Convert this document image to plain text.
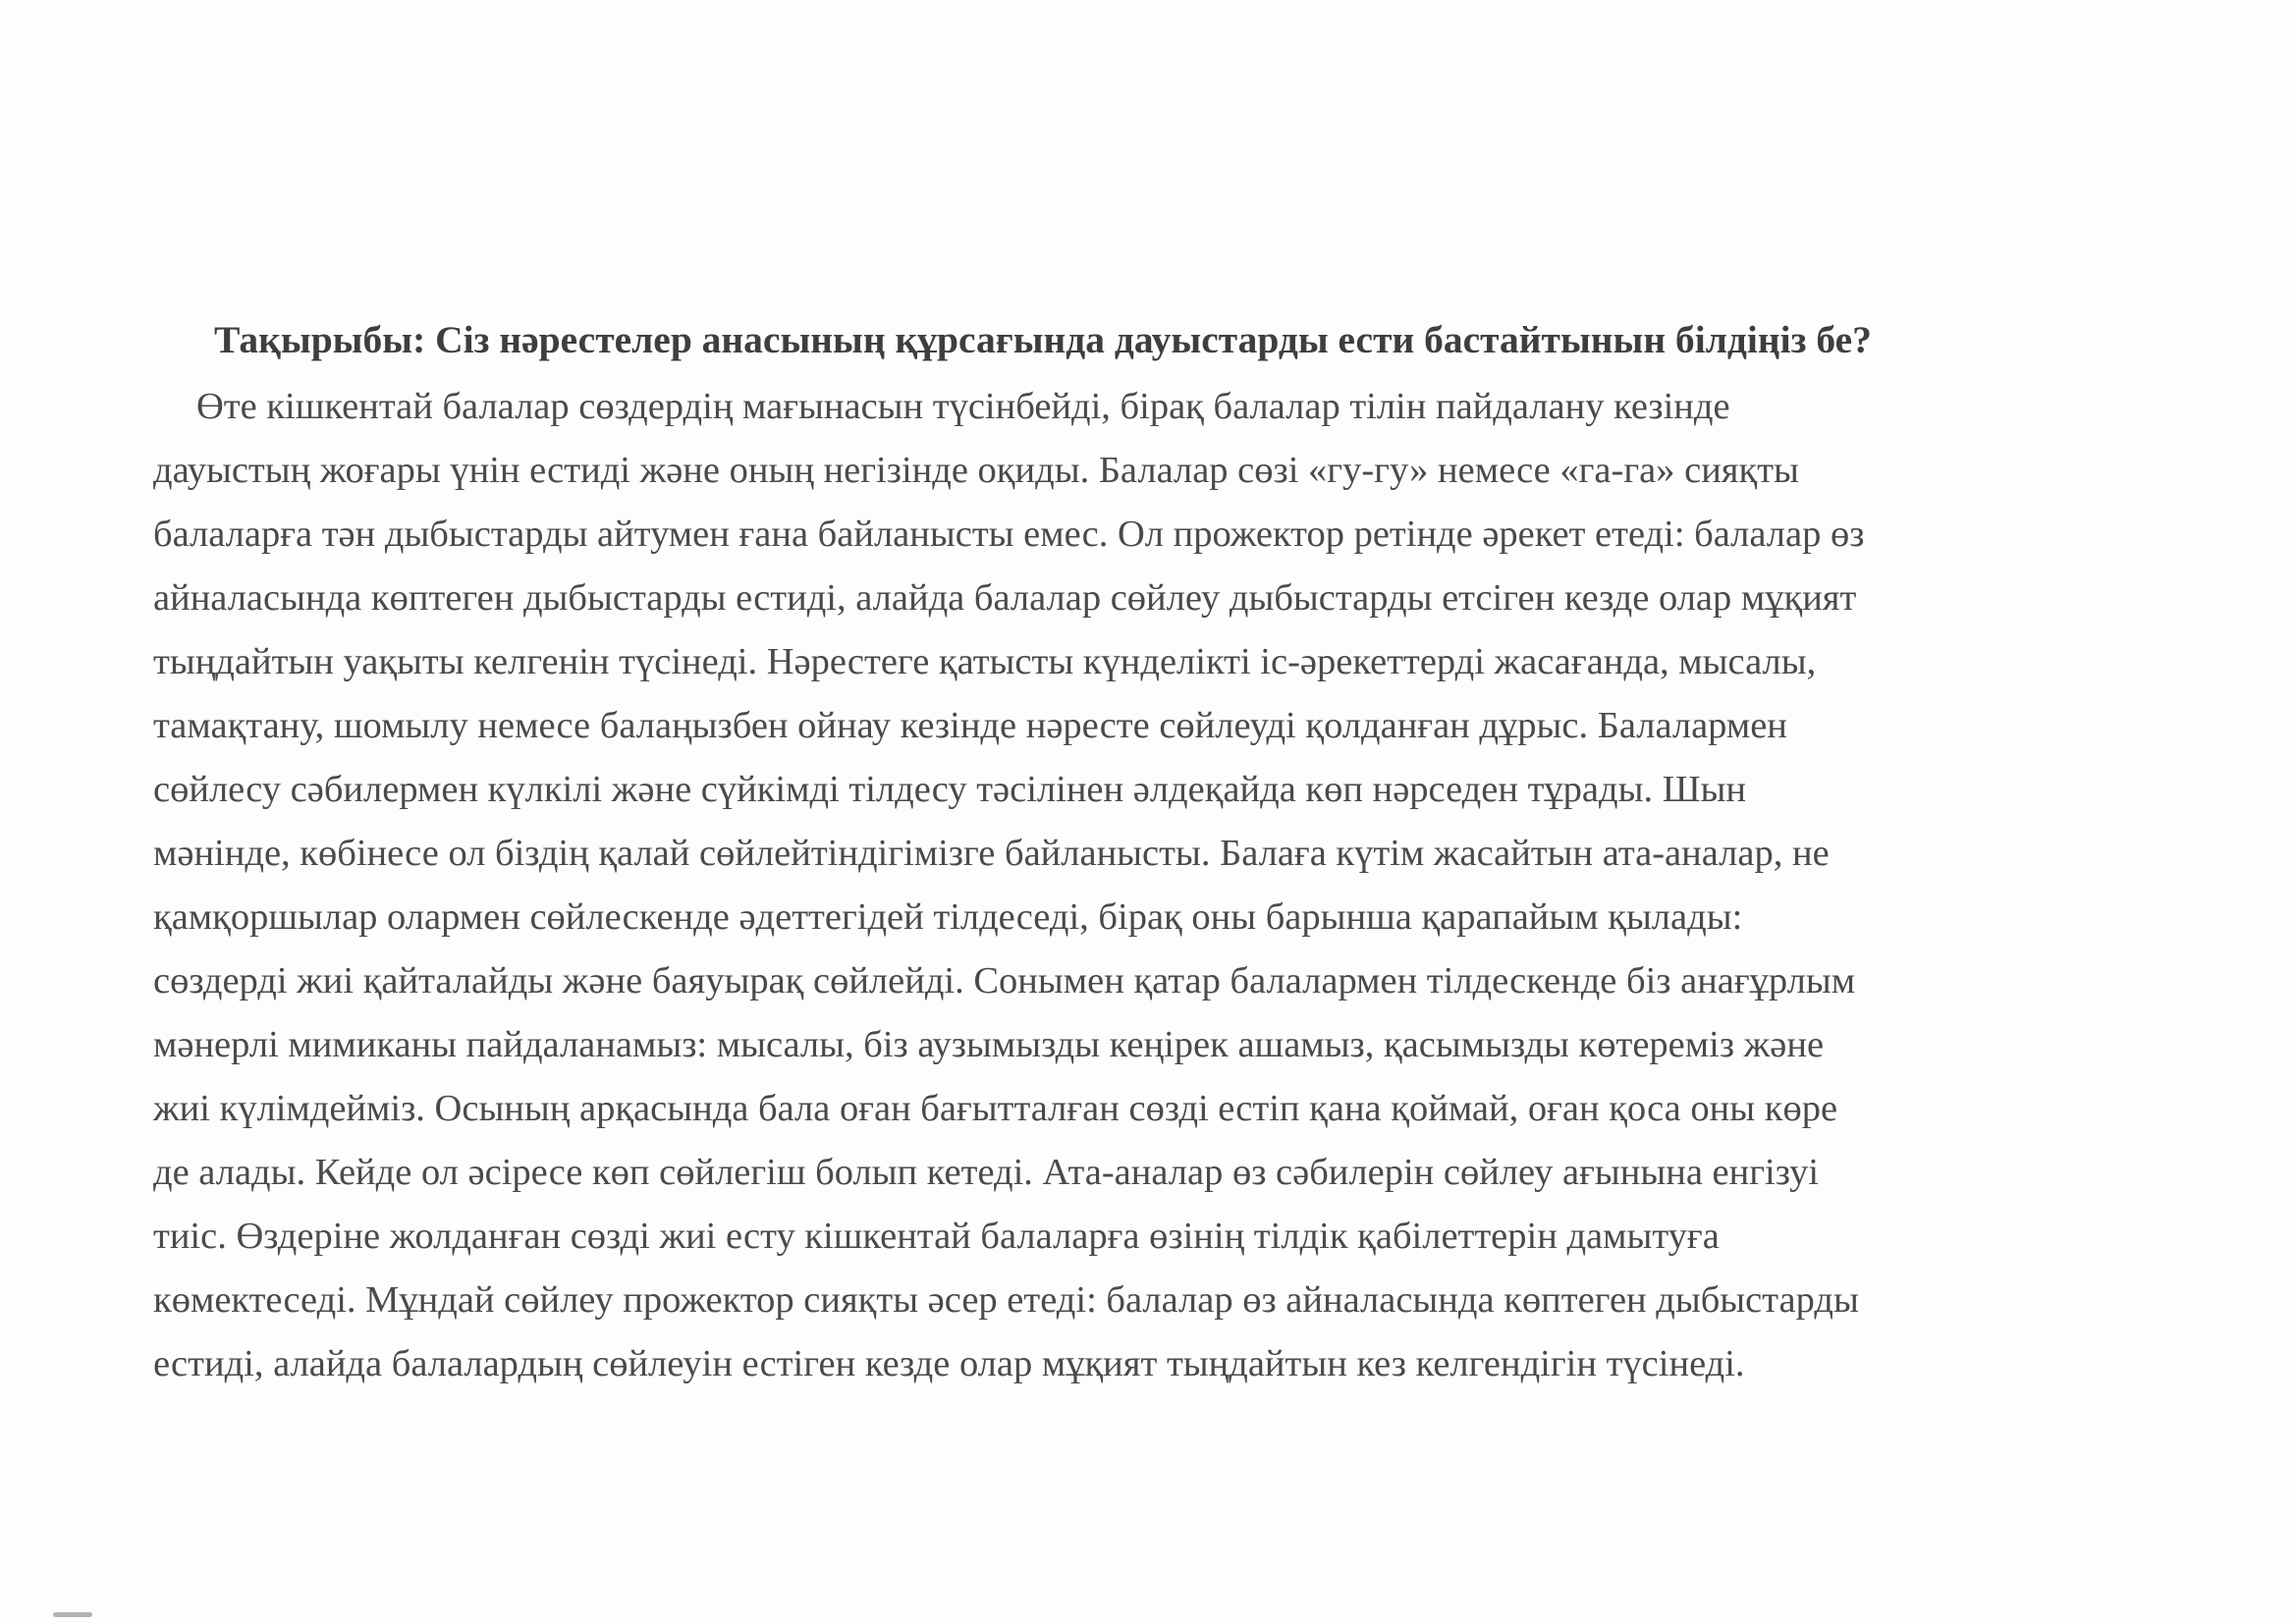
Тақырыбы: Сіз нәрестелер анасының құрсағында дауыстарды ести бастайтынын білдіңіз бе?
Өте кішкентай балалар сөздердің мағынасын түсінбейді, бірақ балалар тілін пайдалану кезінде
дауыстың жоғары үнін естиді және оның негізінде оқиды. Балалар сөзі «гу-гу» немесе «га-га» сияқты
балаларға тән дыбыстарды айтумен ғана байланысты емес. Ол прожектор ретінде әрекет етеді: балалар өз
айналасында көптеген дыбыстарды естиді, алайда балалар сөйлеу дыбыстарды етсіген кезде олар мұқият
тыңдайтын уақыты келгенін түсінеді. Нәрестеге қатысты күнделікті іс-әрекеттерді жасағанда, мысалы,
тамақтану, шомылу немесе балаңызбен ойнау кезінде нәресте сөйлеуді қолданған дұрыс. Балалармен
сөйлесу сәбилермен күлкілі және сүйкімді тілдесу тәсілінен әлдеқайда көп нәрседен тұрады. Шын
мәнінде, көбінесе ол біздің қалай сөйлейтіндігімізге байланысты. Балаға күтім жасайтын ата-аналар, не
қамқоршылар олармен сөйлескенде әдеттегідей тілдеседі, бірақ оны барынша қарапайым қылады:
сөздерді жиі қайталайды және баяуырақ сөйлейді. Сонымен қатар балалармен тілдескенде біз анағұрлым
мәнерлі мимиканы пайдаланамыз: мысалы, біз аузымызды кеңірек ашамыз, қасымызды көтереміз және
жиі күлімдейміз. Осының арқасында бала оған бағытталған сөзді естіп қана қоймай, оған қоса оны көре
де алады. Кейде ол әсіресе көп сөйлегіш болып кетеді. Ата-аналар өз сәбилерін сөйлеу ағынына енгізуі
тиіс. Өздеріне жолданған сөзді жиі есту кішкентай балаларға өзінің тілдік қабілеттерін дамытуға
көмектеседі. Мұндай сөйлеу прожектор сияқты әсер етеді: балалар өз айналасында көптеген дыбыстарды
естиді, алайда балалардың сөйлеуін естіген кезде олар мұқият тыңдайтын кез келгендігін түсінеді.
